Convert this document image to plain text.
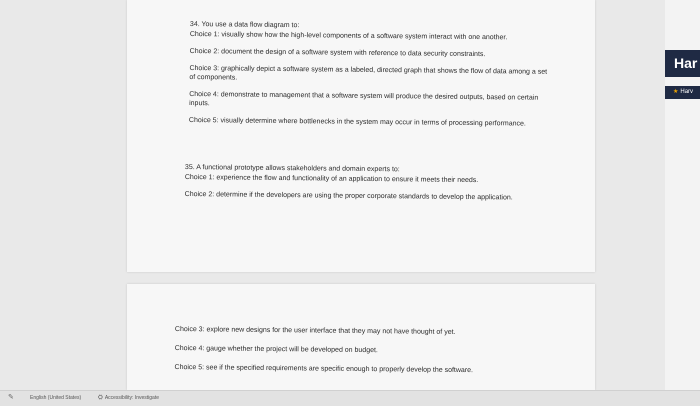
34. You use a data flow diagram to:
Choice 1: visually show how the high-level components of a software system interact with one another.
Choice 2: document the design of a software system with reference to data security constraints.
Choice 3: graphically depict a software system as a labeled, directed graph that shows the flow of data among a set of components.
Choice 4: demonstrate to management that a software system will produce the desired outputs, based on certain inputs.
Choice 5: visually determine where bottlenecks in the system may occur in terms of processing performance.
35. A functional prototype allows stakeholders and domain experts to:
Choice 1: experience the flow and functionality of an application to ensure it meets their needs.
Choice 2: determine if the developers are using the proper corporate standards to develop the application.
Choice 3: explore new designs for the user interface that they may not have thought of yet.
Choice 4: gauge whether the project will be developed on budget.
Choice 5: see if the specified requirements are specific enough to properly develop the software.
Har
★ Harv
✎	English (United States)	⛭ Accessibility: Investigate
